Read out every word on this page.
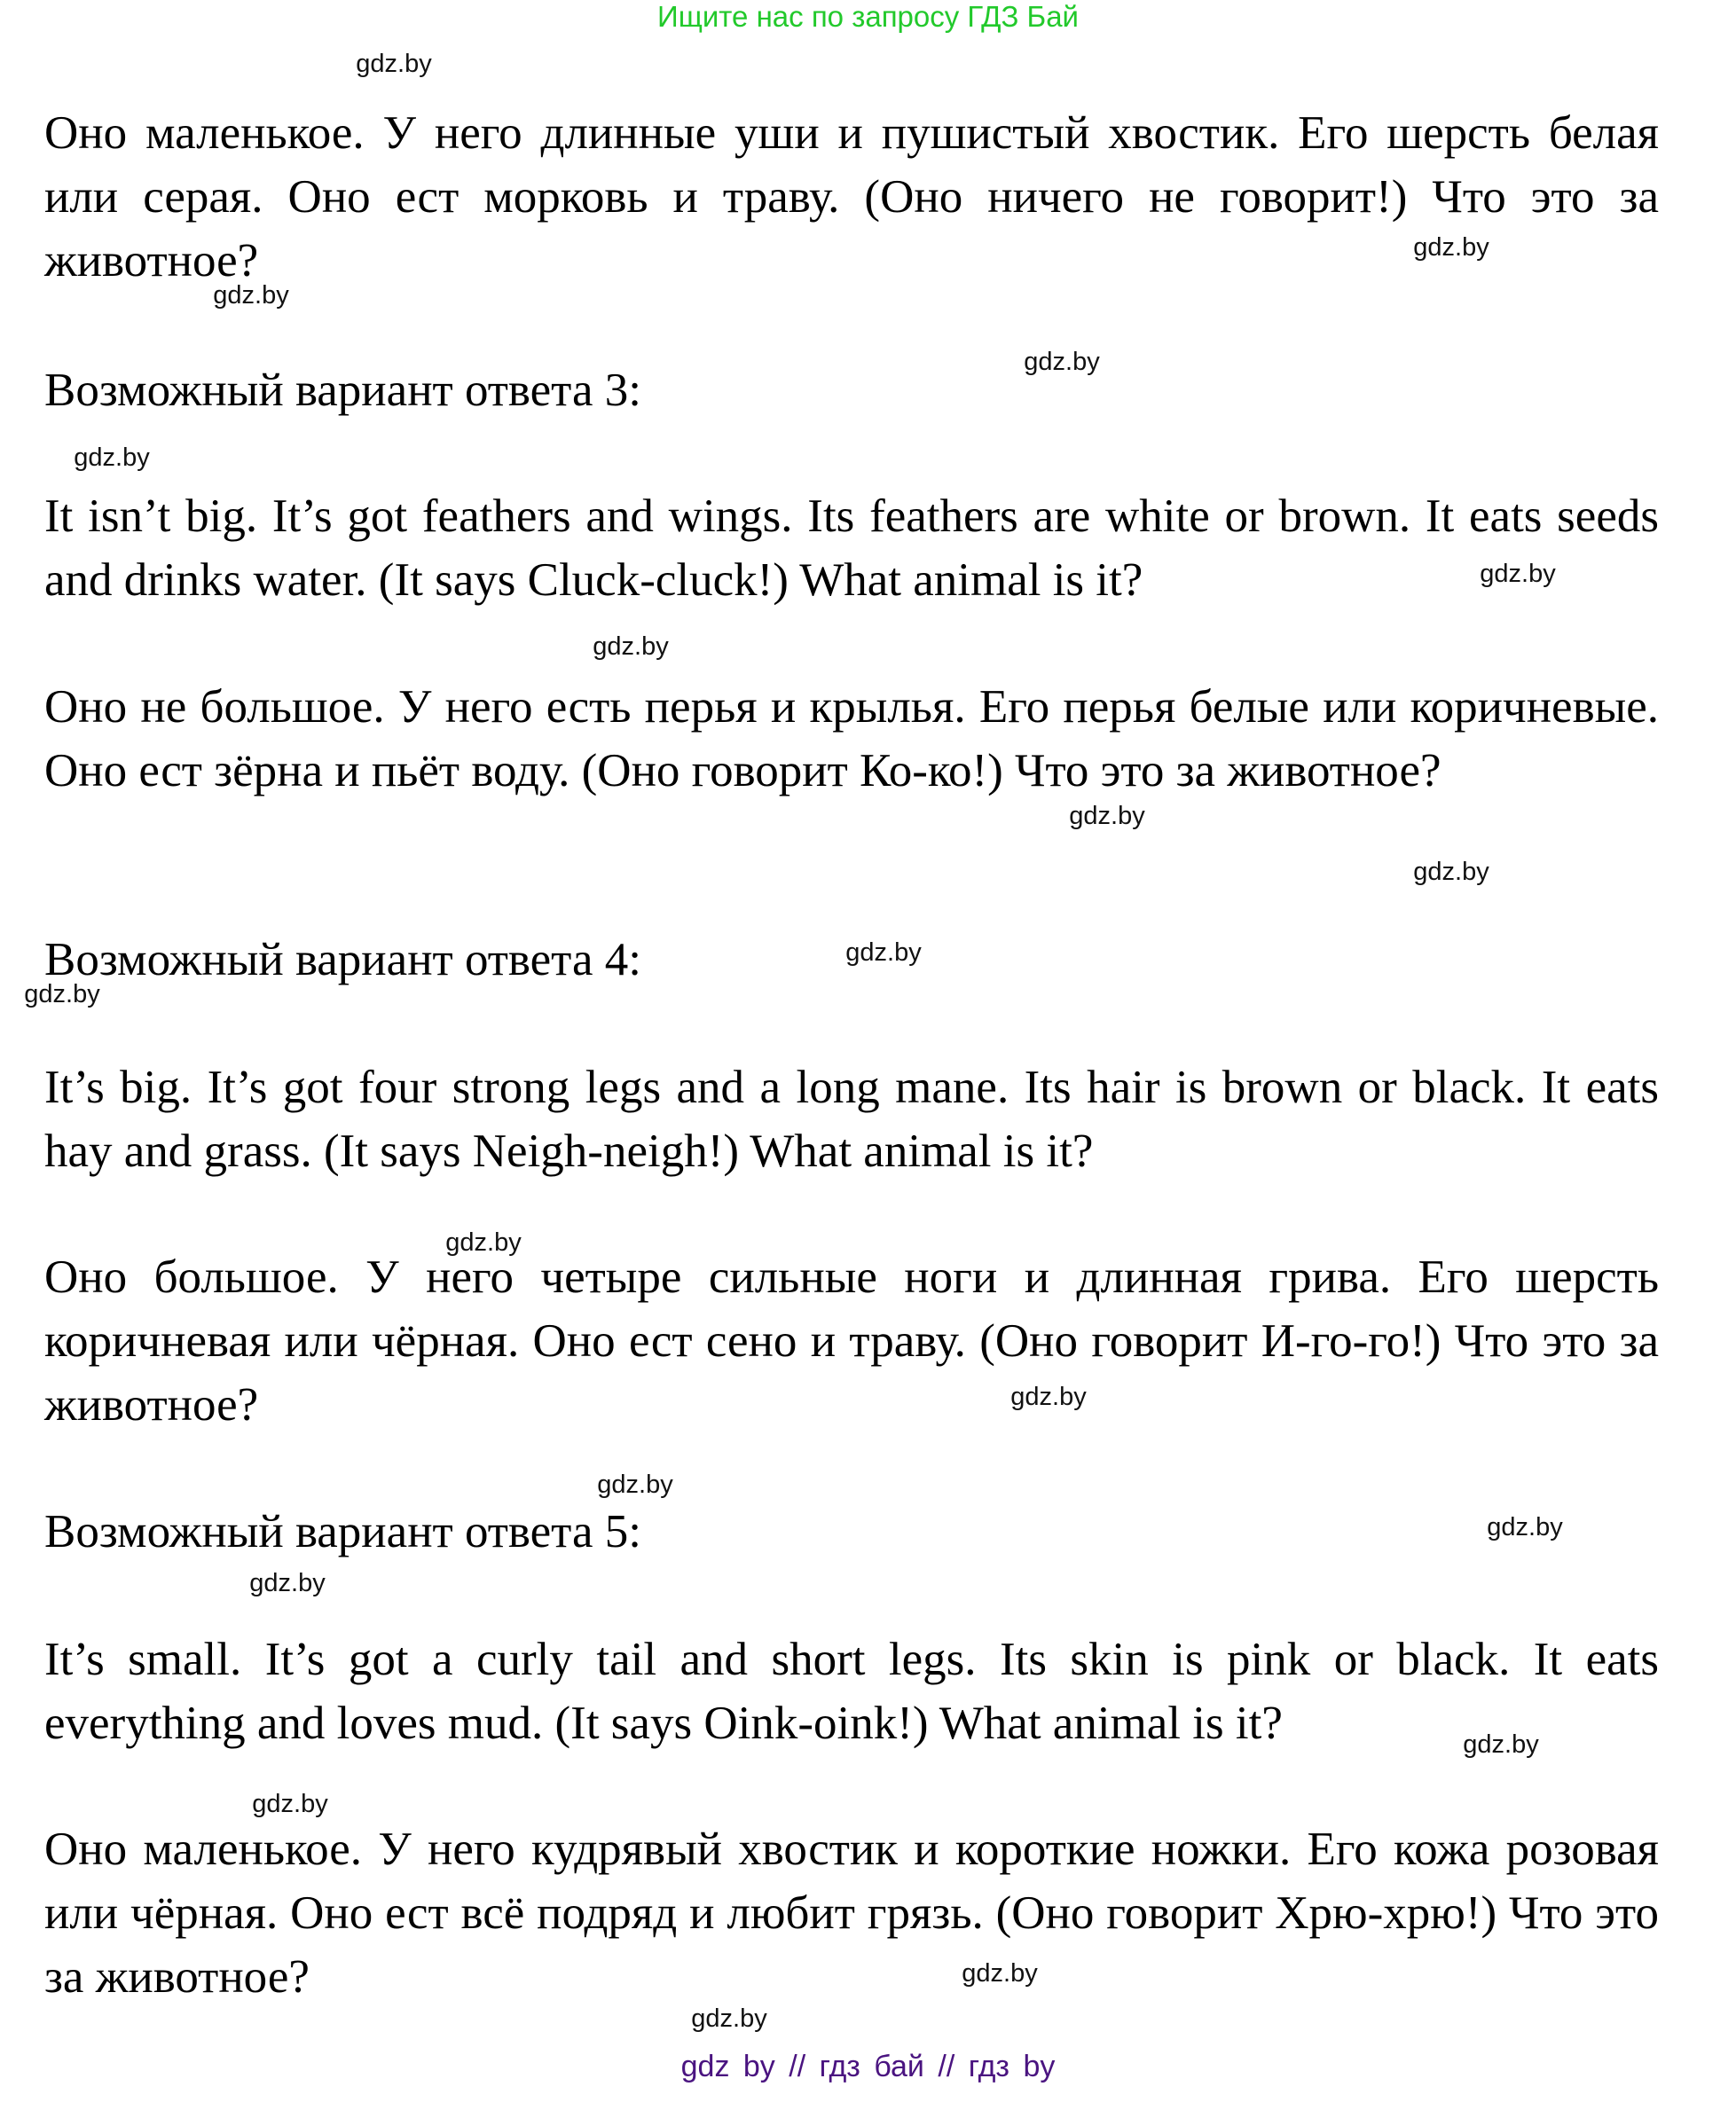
Ищите нас по запросу ГДЗ Бай

Оно маленькое. У него длинные уши и пушистый хвостик. Его шерсть белая или серая. Оно ест морковь и траву. (Оно ничего не говорит!) Что это за животное?

Возможный вариант ответа 3:

It isn’t big. It’s got feathers and wings. Its feathers are white or brown. It eats seeds and drinks water. (It says Cluck-cluck!) What animal is it?

Оно не большое. У него есть перья и крылья. Его перья белые или коричневые. Оно ест зёрна и пьёт воду. (Оно говорит Ко-ко!) Что это за животное?

Возможный вариант ответа 4:

It’s big. It’s got four strong legs and a long mane. Its hair is brown or black. It eats hay and grass. (It says Neigh-neigh!) What animal is it?

Оно большое. У него четыре сильные ноги и длинная грива. Его шерсть коричневая или чёрная. Оно ест сено и траву. (Оно говорит И-го-го!) Что это за животное?

Возможный вариант ответа 5:

It’s small. It’s got a curly tail and short legs. Its skin is pink or black. It eats everything and loves mud. (It says Oink-oink!) What animal is it?

Оно маленькое. У него кудрявый хвостик и короткие ножки. Его кожа розовая или чёрная. Оно ест всё подряд и любит грязь. (Оно говорит Хрю-хрю!) Что это за животное?

gdz.by
gdz.by
gdz.by
gdz.by
gdz.by
gdz.by
gdz.by
gdz.by
gdz.by
gdz.by
gdz.by
gdz.by
gdz.by
gdz.by
gdz.by
gdz.by
gdz.by
gdz.by
gdz.by
gdz.by
gdz by // гдз бай // гдз by
